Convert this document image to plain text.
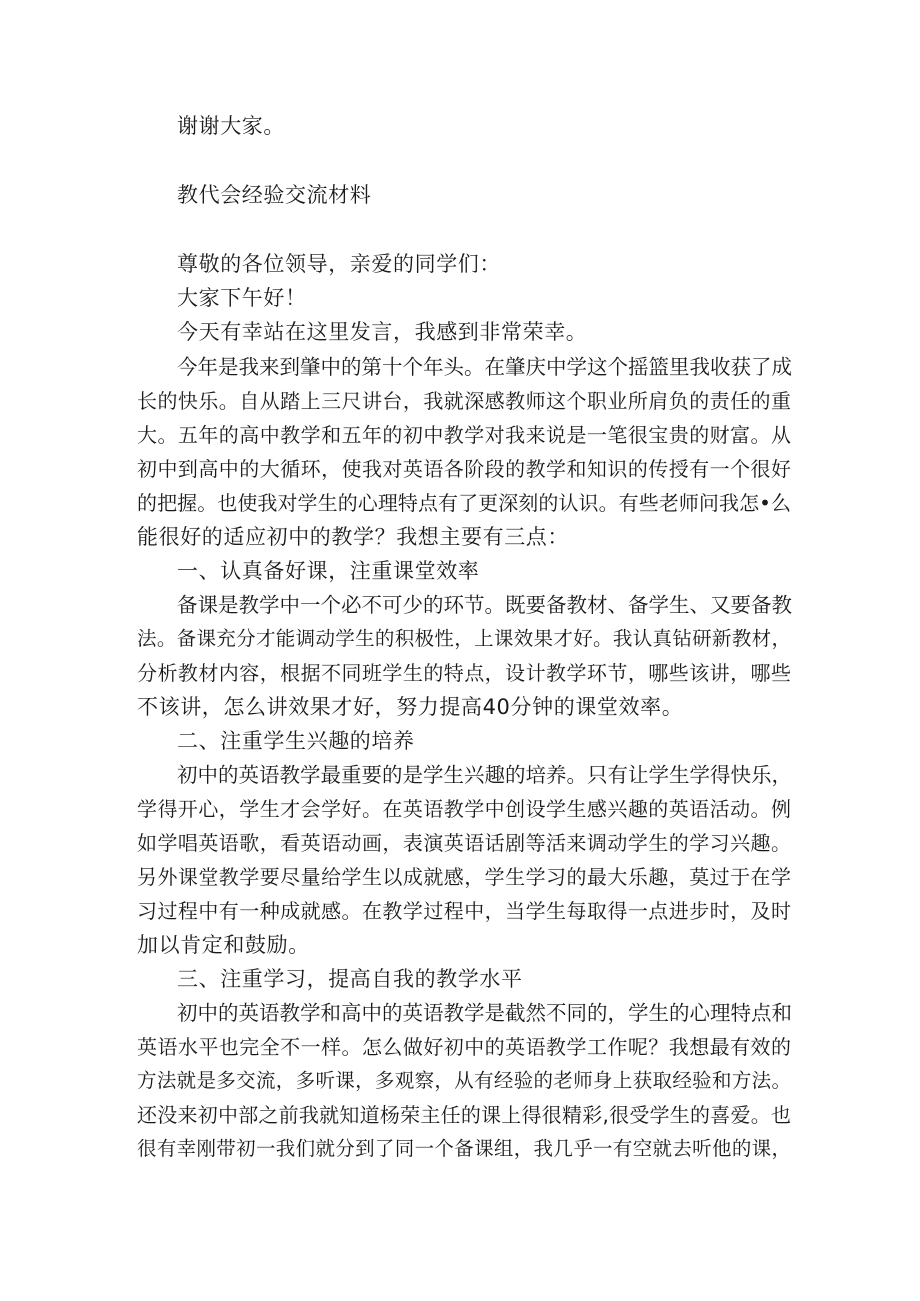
谢谢大家。
教代会经验交流材料
尊敬的各位领导，亲爱的同学们：
大家下午好！
今天有幸站在这里发言，我感到非常荣幸。
今年是我来到肇中的第十个年头。在肇庆中学这个摇篮里我收获了成
长的快乐。自从踏上三尺讲台，我就深感教师这个职业所肩负的责任的重
大。五年的高中教学和五年的初中教学对我来说是一笔很宝贵的财富。从
初中到高中的大循环，使我对英语各阶段的教学和知识的传授有一个很好
的把握。也使我对学生的心理特点有了更深刻的认识。有些老师问我怎•么
能很好的适应初中的教学？我想主要有三点：
一、认真备好课，注重课堂效率
备课是教学中一个必不可少的环节。既要备教材、备学生、又要备教
法。备课充分才能调动学生的积极性，上课效果才好。我认真钻研新教材，
分析教材内容，根据不同班学生的特点，设计教学环节，哪些该讲，哪些
不该讲，怎么讲效果才好，努力提高40分钟的课堂效率。
二、注重学生兴趣的培养
初中的英语教学最重要的是学生兴趣的培养。只有让学生学得快乐，
学得开心，学生才会学好。在英语教学中创设学生感兴趣的英语活动。例
如学唱英语歌，看英语动画，表演英语话剧等活来调动学生的学习兴趣。
另外课堂教学要尽量给学生以成就感，学生学习的最大乐趣，莫过于在学
习过程中有一种成就感。在教学过程中，当学生每取得一点进步时，及时
加以肯定和鼓励。
三、注重学习，提高自我的教学水平
初中的英语教学和高中的英语教学是截然不同的，学生的心理特点和
英语水平也完全不一样。怎么做好初中的英语教学工作呢？我想最有效的
方法就是多交流，多听课，多观察，从有经验的老师身上获取经验和方法。
还没来初中部之前我就知道杨荣主任的课上得很精彩,很受学生的喜爱。也
很有幸刚带初一我们就分到了同一个备课组，我几乎一有空就去听他的课，
